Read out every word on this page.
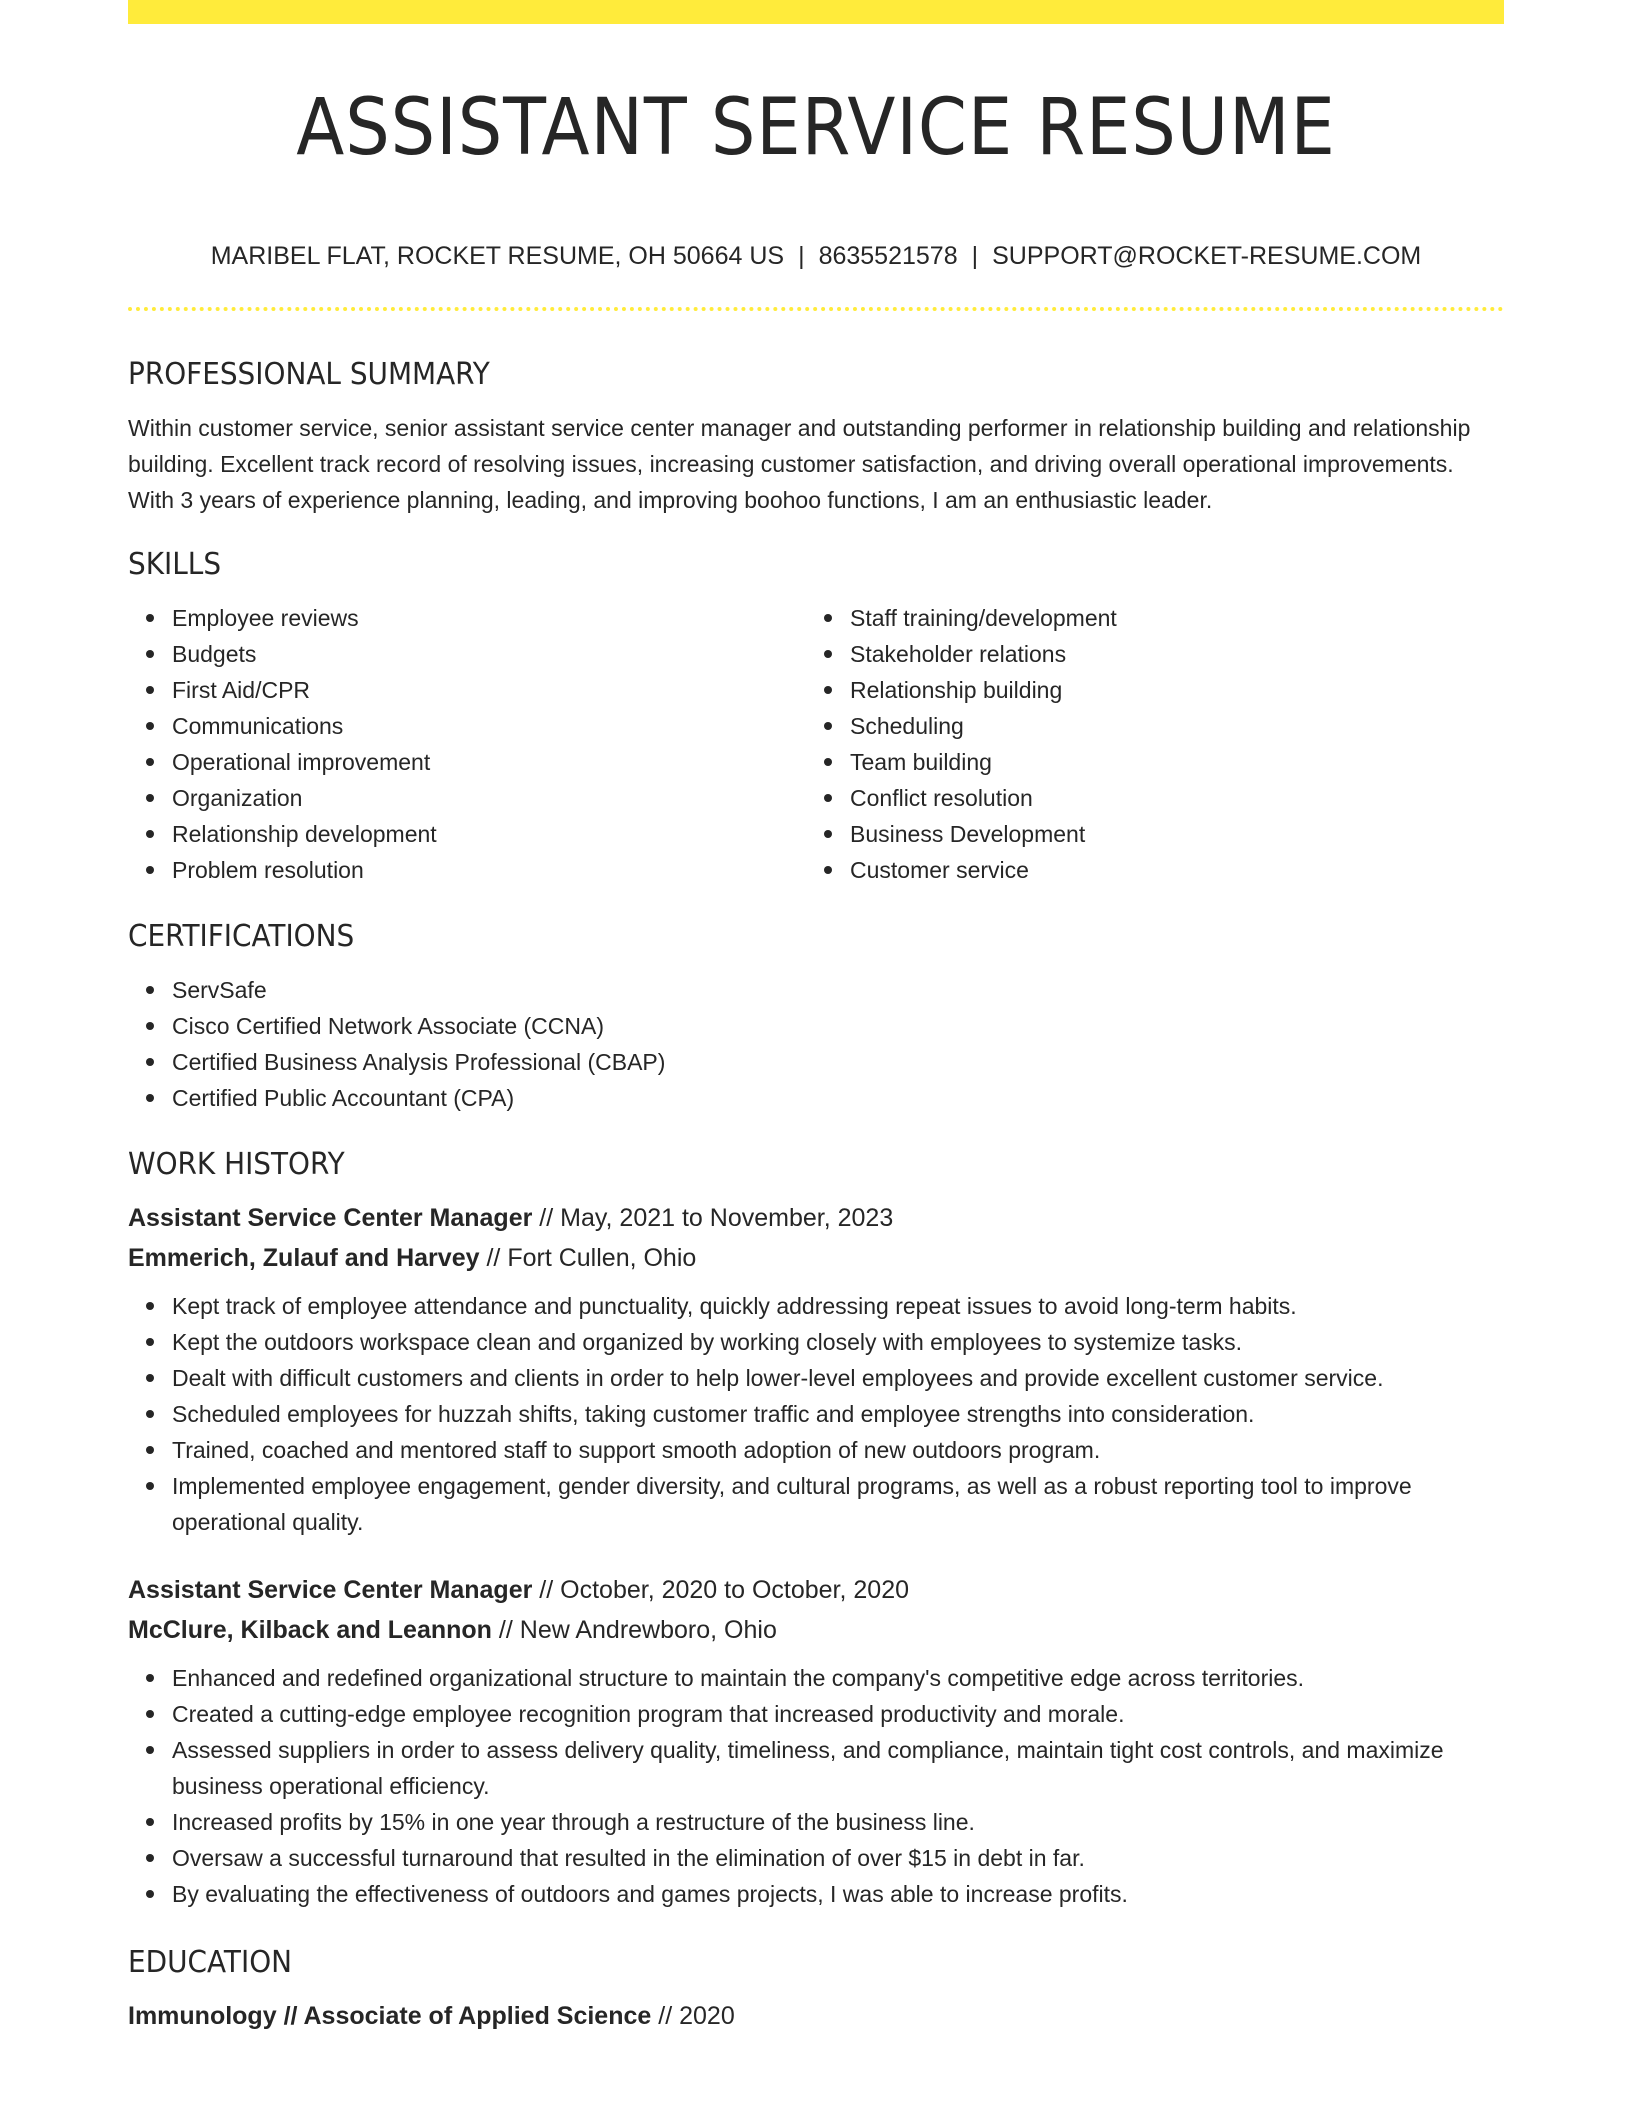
ASSISTANT SERVICE RESUME
MARIBEL FLAT, ROCKET RESUME, OH 50664 US | 8635521578 | SUPPORT@ROCKET-RESUME.COM
PROFESSIONAL SUMMARY

Within customer service, senior assistant service center manager and outstanding performer in relationship building and relationship building. Excellent track record of resolving issues, increasing customer satisfaction, and driving overall operational improvements. With 3 years of experience planning, leading, and improving boohoo functions, I am an enthusiastic leader.

SKILLS
Employee reviews
Budgets
First Aid/CPR
Communications
Operational improvement
Organization
Relationship development
Problem resolution
Staff training/development
Stakeholder relations
Relationship building
Scheduling
Team building
Conflict resolution
Business Development
Customer service
CERTIFICATIONS
ServSafe
Cisco Certified Network Associate (CCNA)
Certified Business Analysis Professional (CBAP)
Certified Public Accountant (CPA)
WORK HISTORY
Assistant Service Center Manager // May, 2021 to November, 2023
Emmerich, Zulauf and Harvey // Fort Cullen, Ohio
Kept track of employee attendance and punctuality, quickly addressing repeat issues to avoid long-term habits.
Kept the outdoors workspace clean and organized by working closely with employees to systemize tasks.
Dealt with difficult customers and clients in order to help lower-level employees and provide excellent customer service.
Scheduled employees for huzzah shifts, taking customer traffic and employee strengths into consideration.
Trained, coached and mentored staff to support smooth adoption of new outdoors program.
Implemented employee engagement, gender diversity, and cultural programs, as well as a robust reporting tool to improve operational quality.
Assistant Service Center Manager // October, 2020 to October, 2020
McClure, Kilback and Leannon // New Andrewboro, Ohio
Enhanced and redefined organizational structure to maintain the company's competitive edge across territories.
Created a cutting-edge employee recognition program that increased productivity and morale.
Assessed suppliers in order to assess delivery quality, timeliness, and compliance, maintain tight cost controls, and maximize business operational efficiency.
Increased profits by 15% in one year through a restructure of the business line.
Oversaw a successful turnaround that resulted in the elimination of over $15 in debt in far.
By evaluating the effectiveness of outdoors and games projects, I was able to increase profits.
EDUCATION
Immunology // Associate of Applied Science // 2020
